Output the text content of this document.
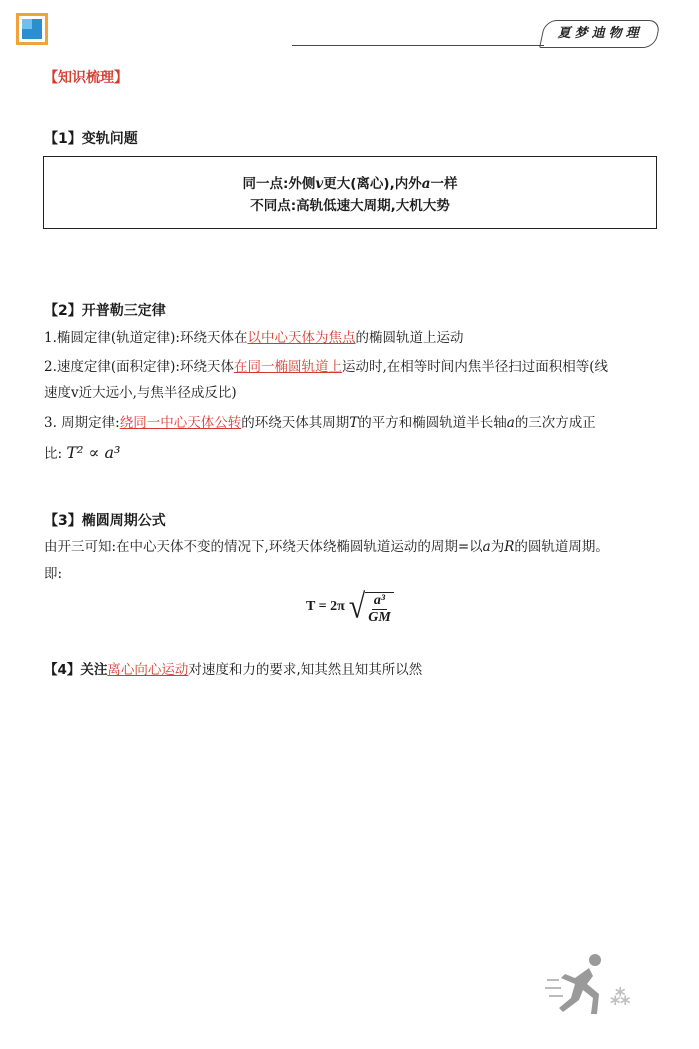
夏梦迪物理
【知识梳理】
【1】变轨问题
同一点:外侧v更大(离心),内外a一样
不同点:高轨低速大周期,大机大势
【2】开普勒三定律
1.椭圆定律(轨道定律):环绕天体在以中心天体为焦点的椭圆轨道上运动
2.速度定律(面积定律):环绕天体在同一椭圆轨道上运动时,在相等时间内焦半径扫过面积相等(线
速度v近大远小,与焦半径成反比)
3. 周期定律:绕同一中心天体公转的环绕天体其周期T的平方和椭圆轨道半长轴a的三次方成正
比: T² ∝ a³
【3】椭圆周期公式
由开三可知:在中心天体不变的情况下,环绕天体绕椭圆轨道运动的周期=以a为R的圆轨道周期。
即:
T = 2π √ $\frac{\text{a³}}{GM}$
【4】关注离心向心运动对速度和力的要求,知其然且知其所以然
⁂
